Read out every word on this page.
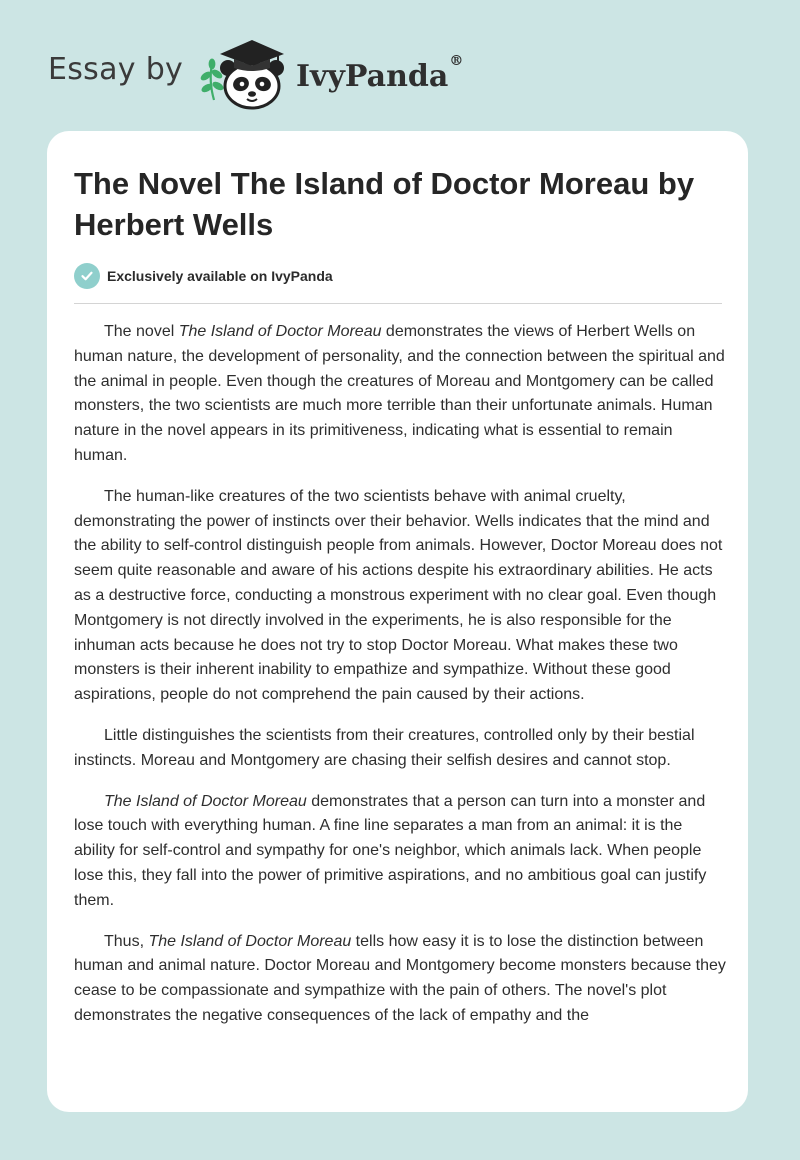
Essay by	IvyPanda®
The Novel The Island of Doctor Moreau by Herbert Wells
Exclusively available on IvyPanda

The novel The Island of Doctor Moreau demonstrates the views of Herbert Wells on human nature, the development of personality, and the connection between the spiritual and the animal in people. Even though the creatures of Moreau and Montgomery can be called monsters, the two scientists are much more terrible than their unfortunate animals. Human nature in the novel appears in its primitiveness, indicating what is essential to remain human.

The human-like creatures of the two scientists behave with animal cruelty, demonstrating the power of instincts over their behavior. Wells indicates that the mind and the ability to self-control distinguish people from animals. However, Doctor Moreau does not seem quite reasonable and aware of his actions despite his extraordinary abilities. He acts as a destructive force, conducting a monstrous experiment with no clear goal. Even though Montgomery is not directly involved in the experiments, he is also responsible for the inhuman acts because he does not try to stop Doctor Moreau. What makes these two monsters is their inherent inability to empathize and sympathize. Without these good aspirations, people do not comprehend the pain caused by their actions.

Little distinguishes the scientists from their creatures, controlled only by their bestial instincts. Moreau and Montgomery are chasing their selfish desires and cannot stop.

The Island of Doctor Moreau demonstrates that a person can turn into a monster and lose touch with everything human. A fine line separates a man from an animal: it is the ability for self-control and sympathy for one's neighbor, which animals lack. When people lose this, they fall into the power of primitive aspirations, and no ambitious goal can justify them.

Thus, The Island of Doctor Moreau tells how easy it is to lose the distinction between human and animal nature. Doctor Moreau and Montgomery become monsters because they cease to be compassionate and sympathize with the pain of others. The novel's plot demonstrates the negative consequences of the lack of empathy and the
